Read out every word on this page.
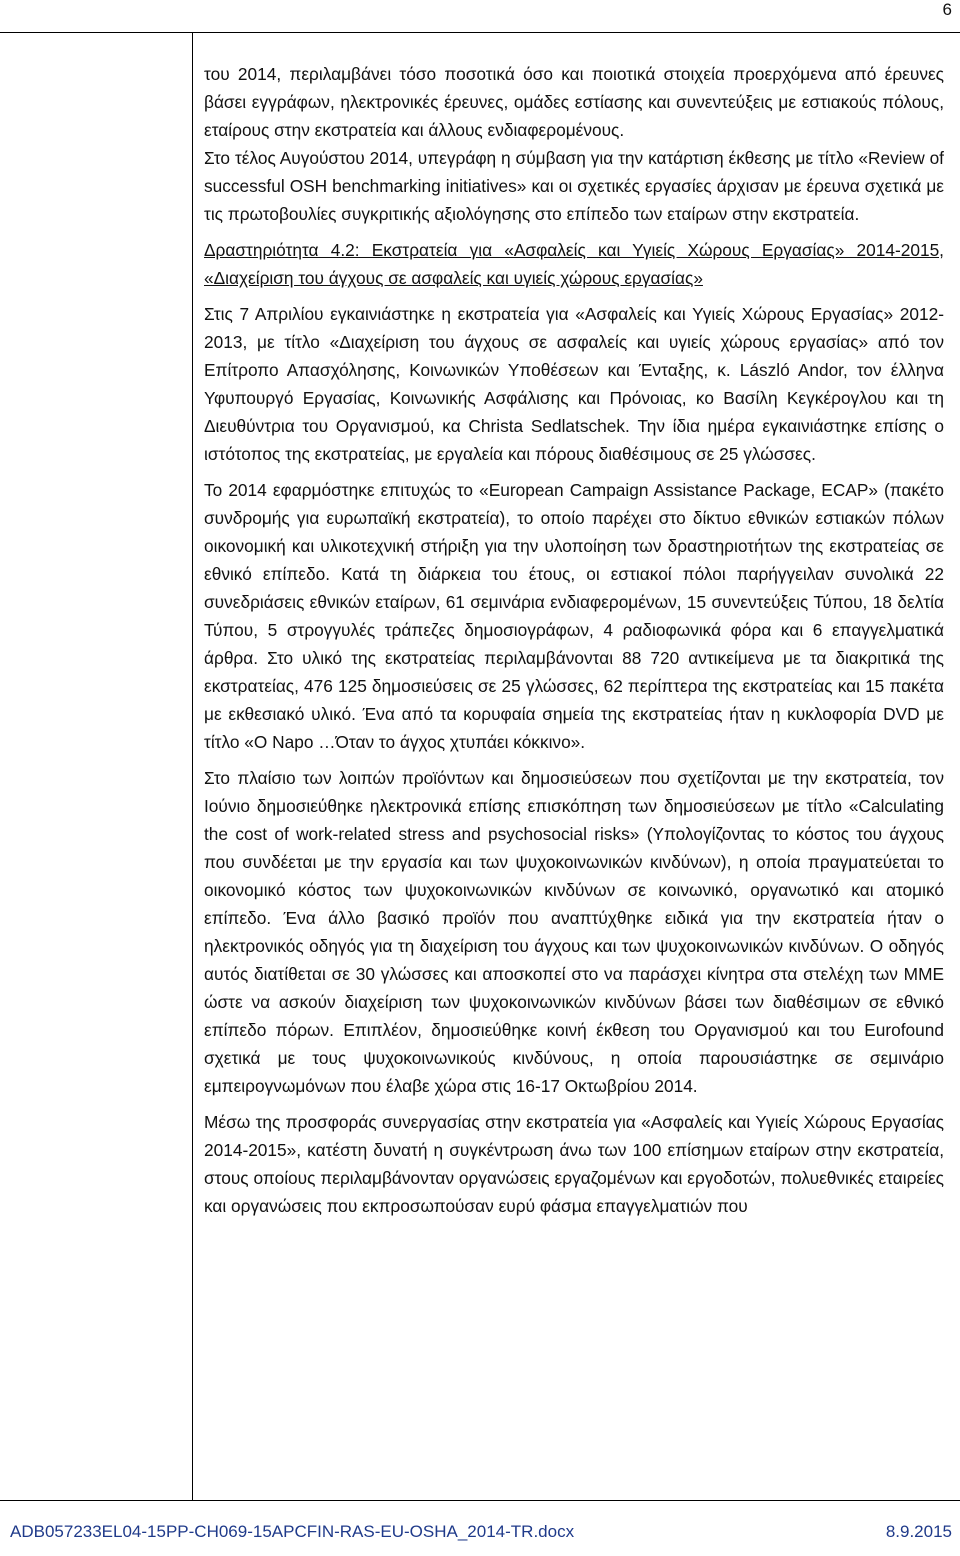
6

του 2014, περιλαμβάνει τόσο ποσοτικά όσο και ποιοτικά στοιχεία προερχόμενα από έρευνες βάσει εγγράφων, ηλεκτρονικές έρευνες, ομάδες εστίασης και συνεντεύξεις με εστιακούς πόλους, εταίρους στην εκστρατεία και άλλους ενδιαφερομένους.

Στο τέλος Αυγούστου 2014, υπεγράφη η σύμβαση για την κατάρτιση έκθεσης με τίτλο «Review of successful OSH benchmarking initiatives» και οι σχετικές εργασίες άρχισαν με έρευνα σχετικά με τις πρωτοβουλίες συγκριτικής αξιολόγησης στο επίπεδο των εταίρων στην εκστρατεία.

Δραστηριότητα 4.2: Εκστρατεία για «Ασφαλείς και Υγιείς Χώρους Εργασίας» 2014-2015, «Διαχείριση του άγχους σε ασφαλείς και υγιείς χώρους εργασίας»

Στις 7 Απριλίου εγκαινιάστηκε η εκστρατεία για «Ασφαλείς και Υγιείς Χώρους Εργασίας» 2012-2013, με τίτλο «Διαχείριση του άγχους σε ασφαλείς και υγιείς χώρους εργασίας» από τον Επίτροπο Απασχόλησης, Κοινωνικών Υποθέσεων και Ένταξης, κ. László Andor, τον έλληνα Υφυπουργό Εργασίας, Κοινωνικής Ασφάλισης και Πρόνοιας, κο Βασίλη Κεγκέρογλου και τη Διευθύντρια του Οργανισμού, κα Christa Sedlatschek. Την ίδια ημέρα εγκαινιάστηκε επίσης ο ιστότοπος της εκστρατείας, με εργαλεία και πόρους διαθέσιμους σε 25 γλώσσες.

Το 2014 εφαρμόστηκε επιτυχώς το «European Campaign Assistance Package, ECAP» (πακέτο συνδρομής για ευρωπαϊκή εκστρατεία), το οποίο παρέχει στο δίκτυο εθνικών εστιακών πόλων οικονομική και υλικοτεχνική στήριξη για την υλοποίηση των δραστηριοτήτων της εκστρατείας σε εθνικό επίπεδο. Κατά τη διάρκεια του έτους, οι εστιακοί πόλοι παρήγγειλαν συνολικά 22 συνεδριάσεις εθνικών εταίρων, 61 σεμινάρια ενδιαφερομένων, 15 συνεντεύξεις Τύπου, 18 δελτία Τύπου, 5 στρογγυλές τράπεζες δημοσιογράφων, 4 ραδιοφωνικά φόρα και 6 επαγγελματικά άρθρα. Στο υλικό της εκστρατείας περιλαμβάνονται 88 720 αντικείμενα με τα διακριτικά της εκστρατείας, 476 125 δημοσιεύσεις σε 25 γλώσσες, 62 περίπτερα της εκστρατείας και 15 πακέτα με εκθεσιακό υλικό. Ένα από τα κορυφαία σημεία της εκστρατείας ήταν η κυκλοφορία DVD με τίτλο «Ο Napo …Όταν το άγχος χτυπάει κόκκινο».

Στο πλαίσιο των λοιπών προϊόντων και δημοσιεύσεων που σχετίζονται με την εκστρατεία, τον Ιούνιο δημοσιεύθηκε ηλεκτρονικά επίσης επισκόπηση των δημοσιεύσεων με τίτλο «Calculating the cost of work-related stress and psychosocial risks» (Υπολογίζοντας το κόστος του άγχους που συνδέεται με την εργασία και των ψυχοκοινωνικών κινδύνων), η οποία πραγματεύεται το οικονομικό κόστος των ψυχοκοινωνικών κινδύνων σε κοινωνικό, οργανωτικό και ατομικό επίπεδο. Ένα άλλο βασικό προϊόν που αναπτύχθηκε ειδικά για την εκστρατεία ήταν ο ηλεκτρονικός οδηγός για τη διαχείριση του άγχους και των ψυχοκοινωνικών κινδύνων. Ο οδηγός αυτός διατίθεται σε 30 γλώσσες και αποσκοπεί στο να παράσχει κίνητρα στα στελέχη των ΜΜΕ ώστε να ασκούν διαχείριση των ψυχοκοινωνικών κινδύνων βάσει των διαθέσιμων σε εθνικό επίπεδο πόρων. Επιπλέον, δημοσιεύθηκε κοινή έκθεση του Οργανισμού και του Eurofound σχετικά με τους ψυχοκοινωνικούς κινδύνους, η οποία παρουσιάστηκε σε σεμινάριο εμπειρογνωμόνων που έλαβε χώρα στις 16-17 Οκτωβρίου 2014.

Μέσω της προσφοράς συνεργασίας στην εκστρατεία για «Ασφαλείς και Υγιείς Χώρους Εργασίας 2014-2015», κατέστη δυνατή η συγκέντρωση άνω των 100 επίσημων εταίρων στην εκστρατεία, στους οποίους περιλαμβάνονταν οργανώσεις εργαζομένων και εργοδοτών, πολυεθνικές εταιρείες και οργανώσεις που εκπροσωπούσαν ευρύ φάσμα επαγγελματιών που

ADB057233EL04-15PP-CH069-15APCFIN-RAS-EU-OSHA_2014-TR.docx	8.9.2015
